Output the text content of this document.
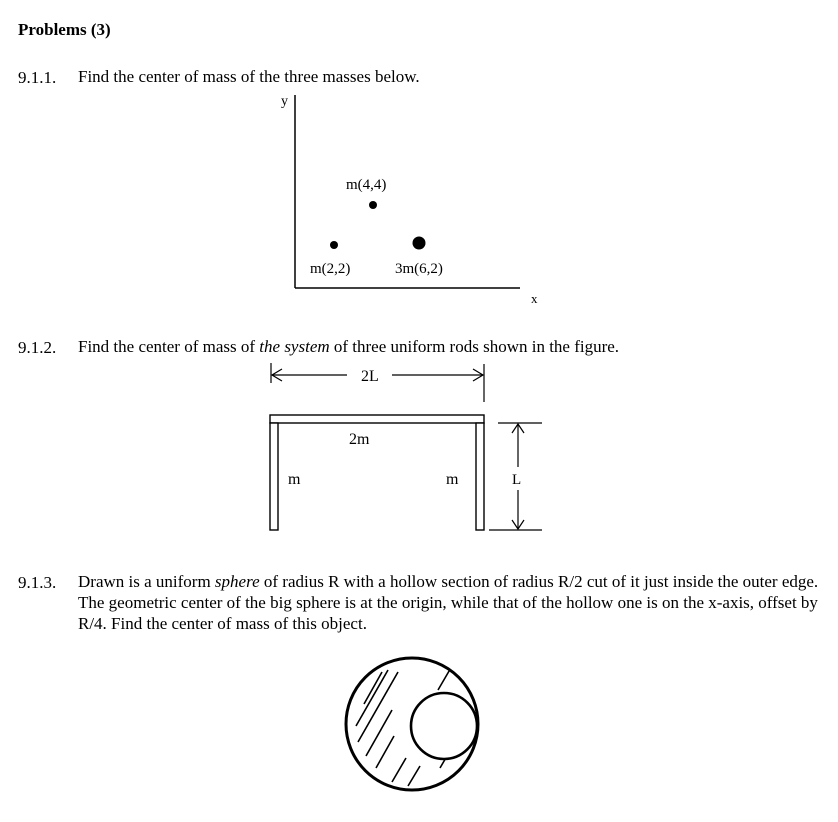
Problems (3)
9.1.1. Find the center of mass of the three masses below.
y
x
m(4,4)
m(2,2)	3m(6,2)
2L
2m
m	m	L
9.1.2. Find the center of mass of the system of three uniform rods shown in the figure.
9.1.3. Drawn is a uniform sphere of radius R with a hollow section of radius R/2 cut of it just inside the outer edge. The geometric center of the big sphere is at the origin, while that of the hollow one is on the x-axis, offset by R/4. Find the center of mass of this object.
